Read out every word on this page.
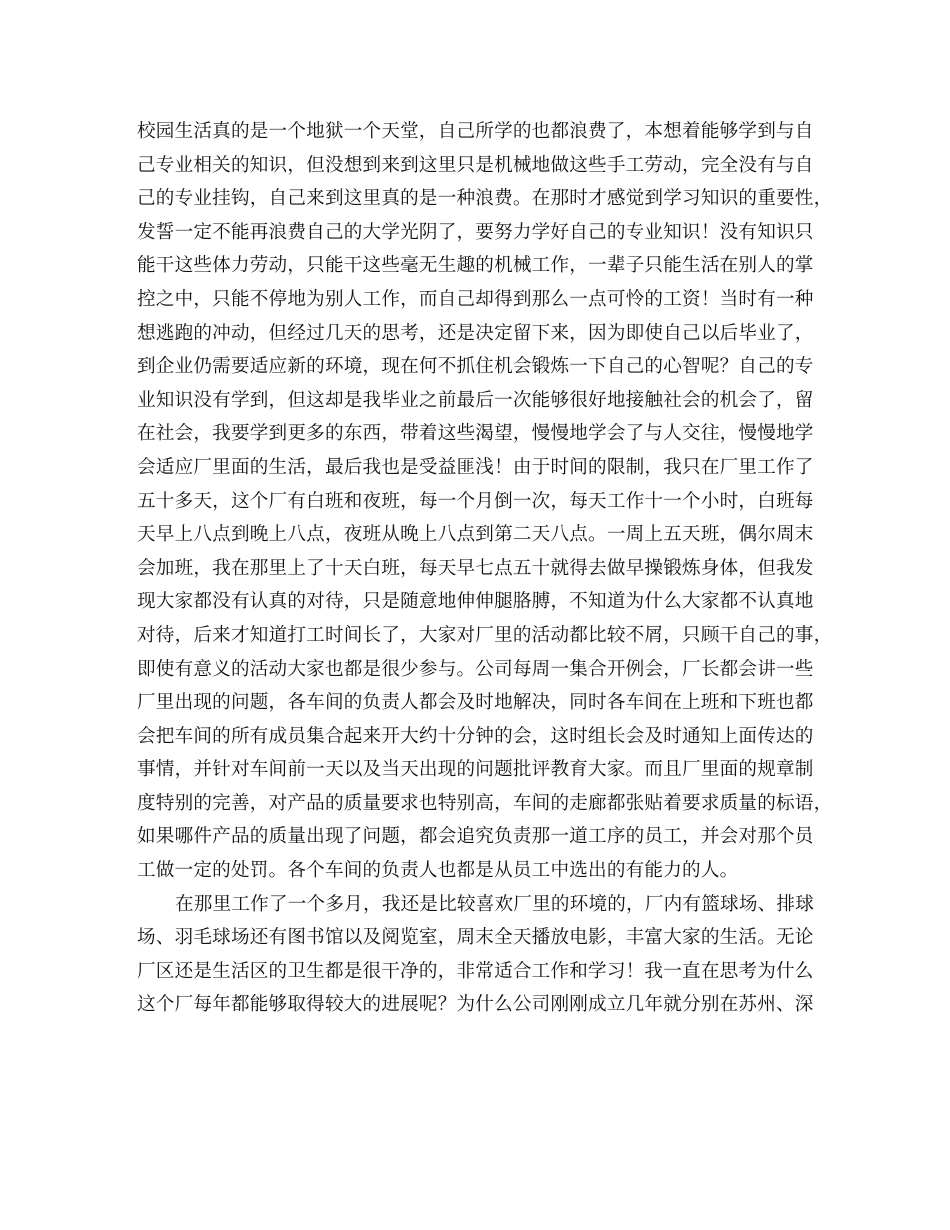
校园生活真的是一个地狱一个天堂，自己所学的也都浪费了，本想着能够学到与自
己专业相关的知识，但没想到来到这里只是机械地做这些手工劳动，完全没有与自
己的专业挂钩，自己来到这里真的是一种浪费。在那时才感觉到学习知识的重要性，
发誓一定不能再浪费自己的大学光阴了，要努力学好自己的专业知识！没有知识只
能干这些体力劳动，只能干这些毫无生趣的机械工作，一辈子只能生活在别人的掌
控之中，只能不停地为别人工作，而自己却得到那么一点可怜的工资！当时有一种
想逃跑的冲动，但经过几天的思考，还是决定留下来，因为即使自己以后毕业了，
到企业仍需要适应新的环境，现在何不抓住机会锻炼一下自己的心智呢？自己的专
业知识没有学到，但这却是我毕业之前最后一次能够很好地接触社会的机会了，留
在社会，我要学到更多的东西，带着这些渴望，慢慢地学会了与人交往，慢慢地学
会适应厂里面的生活，最后我也是受益匪浅！由于时间的限制，我只在厂里工作了
五十多天，这个厂有白班和夜班，每一个月倒一次，每天工作十一个小时，白班每
天早上八点到晚上八点，夜班从晚上八点到第二天八点。一周上五天班，偶尔周末
会加班，我在那里上了十天白班，每天早七点五十就得去做早操锻炼身体，但我发
现大家都没有认真的对待，只是随意地伸伸腿胳膊，不知道为什么大家都不认真地
对待，后来才知道打工时间长了，大家对厂里的活动都比较不屑，只顾干自己的事，
即使有意义的活动大家也都是很少参与。公司每周一集合开例会，厂长都会讲一些
厂里出现的问题，各车间的负责人都会及时地解决，同时各车间在上班和下班也都
会把车间的所有成员集合起来开大约十分钟的会，这时组长会及时通知上面传达的
事情，并针对车间前一天以及当天出现的问题批评教育大家。而且厂里面的规章制
度特别的完善，对产品的质量要求也特别高，车间的走廊都张贴着要求质量的标语，
如果哪件产品的质量出现了问题，都会追究负责那一道工序的员工，并会对那个员
工做一定的处罚。各个车间的负责人也都是从员工中选出的有能力的人。
在那里工作了一个多月，我还是比较喜欢厂里的环境的，厂内有篮球场、排球
场、羽毛球场还有图书馆以及阅览室，周末全天播放电影，丰富大家的生活。无论
厂区还是生活区的卫生都是很干净的，非常适合工作和学习！我一直在思考为什么
这个厂每年都能够取得较大的进展呢？为什么公司刚刚成立几年就分别在苏州、深
